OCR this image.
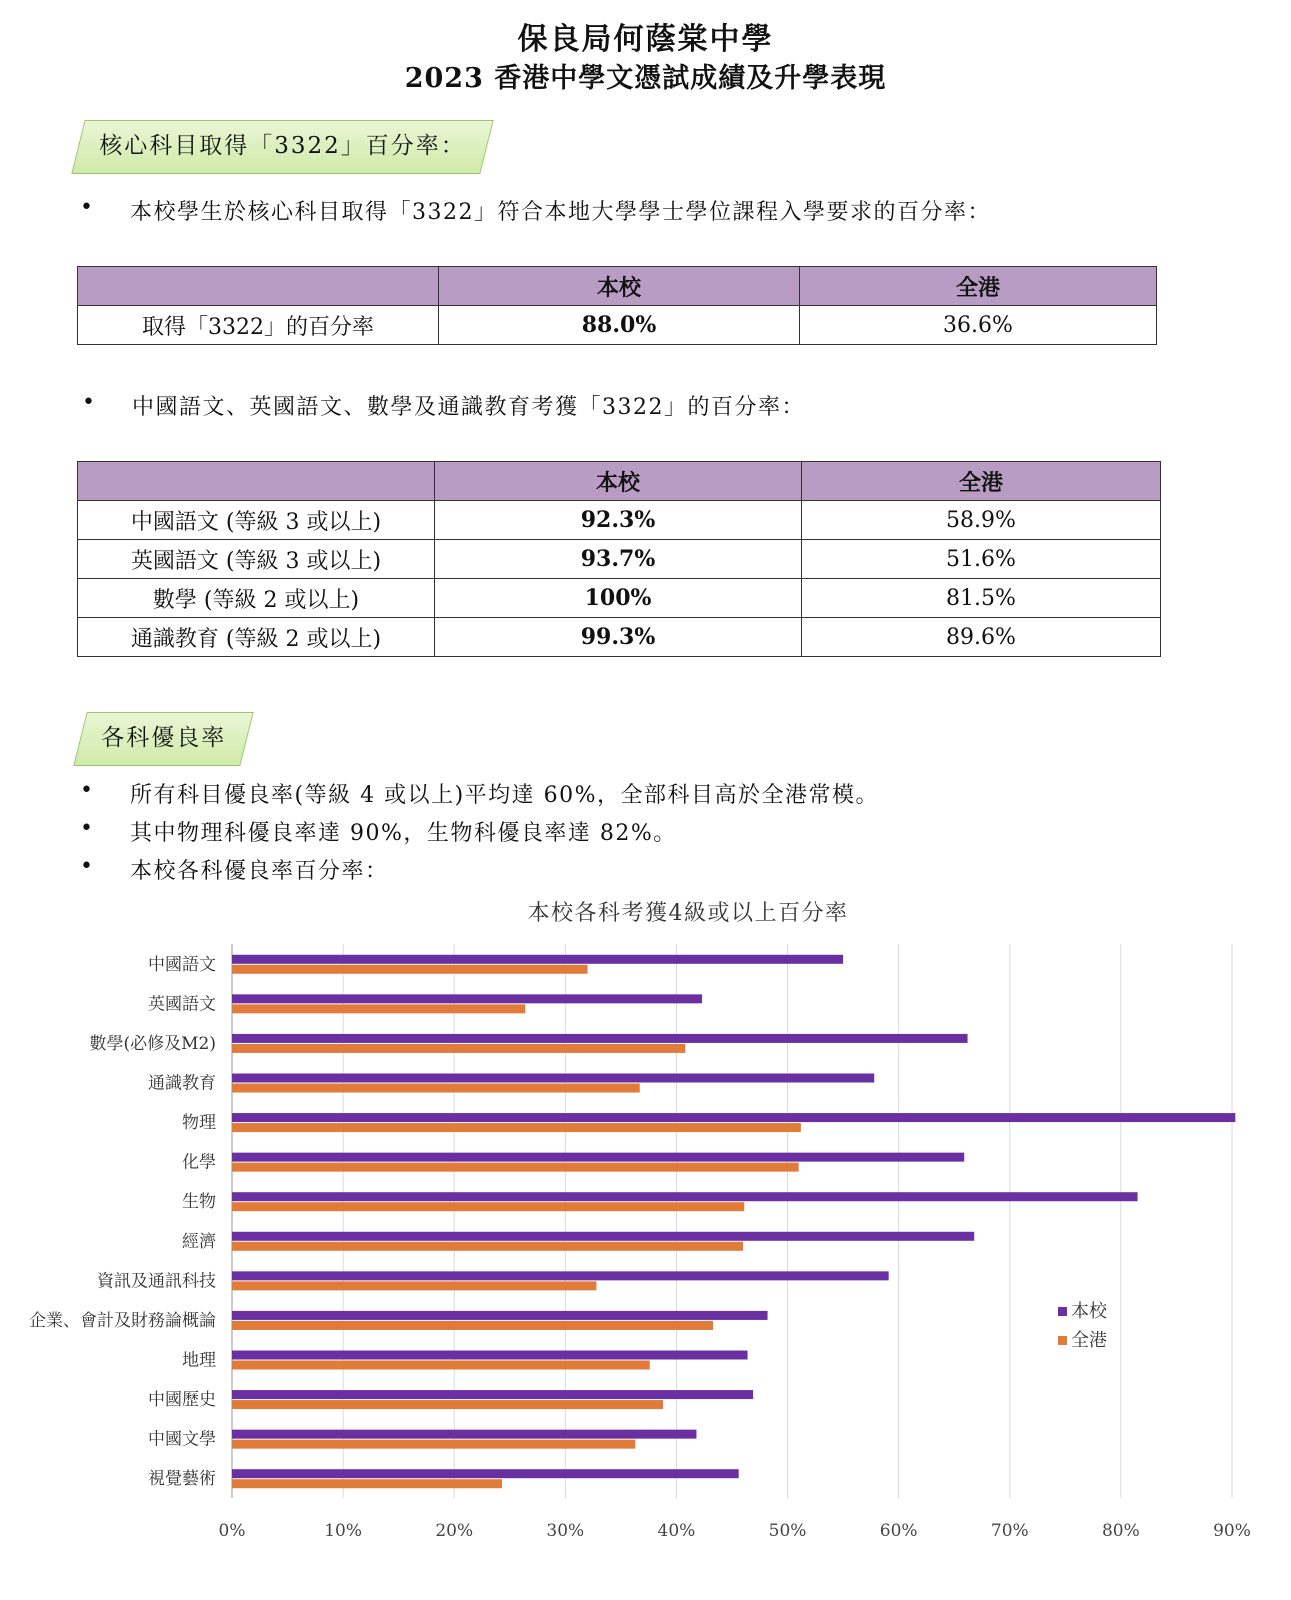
保良局何蔭棠中學
2023 香港中學文憑試成績及升學表現
核心科目取得「3322」百分率：
• 本校學生於核心科目取得「3322」符合本地大學學士學位課程入學要求的百分率：
	本校	全港
取得「3322」的百分率	88.0%	36.6%
• 中國語文、英國語文、數學及通識教育考獲「3322」的百分率：
	本校	全港
中國語文 (等級 3 或以上)	92.3%	58.9%
英國語文 (等級 3 或以上)	93.7%	51.6%
數學 (等級 2 或以上)	100%	81.5%
通識教育 (等級 2 或以上)	99.3%	89.6%
各科優良率
• 所有科目優良率(等級 4 或以上)平均達 60%，全部科目高於全港常模。
• 其中物理科優良率達 90%，生物科優良率達 82%。
• 本校各科優良率百分率：
本校各科考獲4級或以上百分率
中國語文
英國語文
數學(必修及M2)
通識教育
物理
化學
生物
經濟
資訊及通訊科技
企業、會計及財務論概論
地理
中國歷史
中國文學
視覺藝術
0%	10%	20%	30%	40%	50%	60%	70%	80%	90%
本校
全港
